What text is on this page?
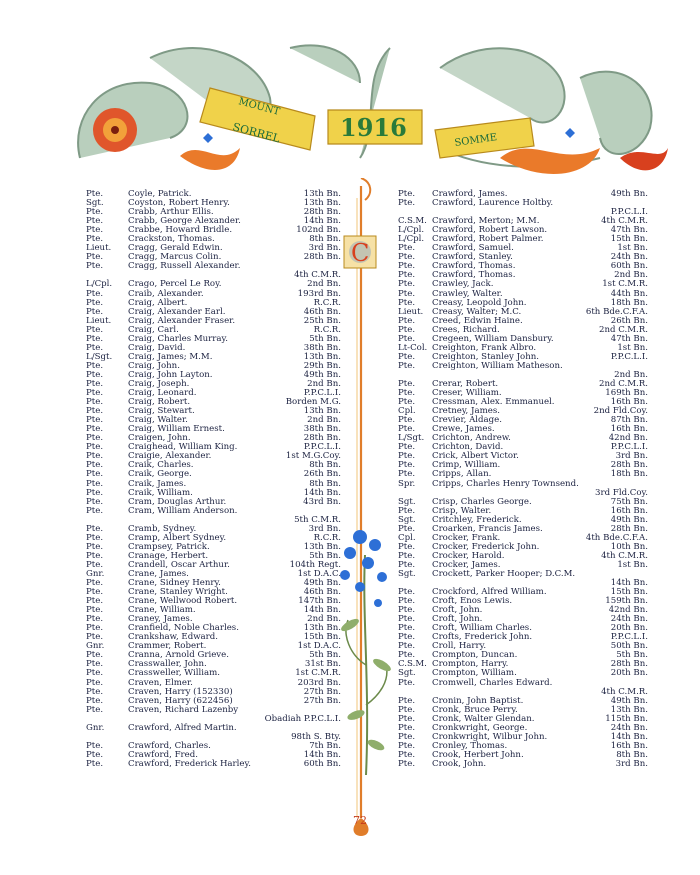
MOUNT
SORREL 1916	SOMME
C
Pte.	Coyle, Patrick.	13th Bn.
Sgt.	Coyston, Robert Henry.	13th Bn.
Pte.	Crabb, Arthur Ellis.	28th Bn.
Pte.	Crabb, George Alexander.	14th Bn.
Pte.	Crabbe, Howard Bridle.	102nd Bn.
Pte.	Crackston, Thomas.	8th Bn.
Lieut.	Cragg, Gerald Edwin.	3rd Bn.
Pte.	Cragg, Marcus Colin.	28th Bn.
Pte.	Cragg, Russell Alexander.
4th C.M.R.
L/Cpl.	Crago, Percel Le Roy.	2nd Bn.
Pte.	Craib, Alexander.	193rd Bn.
Pte.	Craig, Albert.	R.C.R.
Pte.	Craig, Alexander Earl.	46th Bn.
Lieut.	Craig, Alexander Fraser.	25th Bn.
Pte.	Craig, Carl.	R.C.R.
Pte.	Craig, Charles Murray.	5th Bn.
Pte.	Craig, David.	38th Bn.
L/Sgt.	Craig, James; M.M.	13th Bn.
Pte.	Craig, John.	29th Bn.
Pte.	Craig, John Layton.	49th Bn.
Pte.	Craig, Joseph.	2nd Bn.
Pte.	Craig, Leonard.	P.P.C.L.I.
Pte.	Craig, Robert.	Borden M.G.
Pte.	Craig, Stewart.	13th Bn.
Pte.	Craig, Walter.	2nd Bn.
Pte.	Craig, William Ernest.	38th Bn.
Pte.	Craigen, John.	28th Bn.
Pte.	Craighead, William King.	P.P.C.L.I.
Pte.	Craigie, Alexander.	1st M.G.Coy.
Pte.	Craik, Charles.	8th Bn.
Pte.	Craik, George.	26th Bn.
Pte.	Craik, James.	8th Bn.
Pte.	Craik, William.	14th Bn.
Pte.	Cram, Douglas Arthur.	43rd Bn.
Pte.	Cram, William Anderson.
5th C.M.R.
Pte.	Cramb, Sydney.	3rd Bn.
Pte.	Cramp, Albert Sydney.	R.C.R.
Pte.	Crampsey, Patrick.	13th Bn.
Pte.	Cranage, Herbert.	5th Bn.
Pte.	Crandell, Oscar Arthur.	104th Regt.
Gnr.	Crane, James.	1st D.A.C.
Pte.	Crane, Sidney Henry.	49th Bn.
Pte.	Crane, Stanley Wright.	46th Bn.
Pte.	Crane, Wellwood Robert.	147th Bn.
Pte.	Crane, William.	14th Bn.
Pte.	Craney, James.	2nd Bn.
Pte.	Cranfield, Noble Charles.	13th Bn.
Pte.	Crankshaw, Edward.	15th Bn.
Gnr.	Crammer, Robert.	1st D.A.C.
Pte.	Cranna, Arnold Grieve.	5th Bn.
Pte.	Crasswaller, John.	31st Bn.
Pte.	Crassweller, William.	1st C.M.R.
Pte.	Craven, Elmer.	203rd Bn.
Pte.	Craven, Harry (152330)	27th Bn.
Pte.	Craven, Harry (622456)	27th Bn.
Pte.	Craven, Richard Lazenby
Obadiah P.P.C.L.I.
Gnr.	Crawford, Alfred Martin.
98th S. Bty.
Pte.	Crawford, Charles.	7th Bn.
Pte.	Crawford, Fred.	14th Bn.
Pte.	Crawford, Frederick Harley.	60th Bn.
Pte.	Crawford, James.	49th Bn.
Pte.	Crawford, Laurence Holtby.
P.P.C.L.I.
C.S.M. Crawford, Merton; M.M.	4th C.M.R.
L/Cpl. Crawford, Robert Lawson.	47th Bn.
L/Cpl. Crawford, Robert Palmer.	15th Bn.
Pte.	Crawford, Samuel.	1st Bn.
Pte.	Crawford, Stanley.	24th Bn.
Pte.	Crawford, Thomas.	60th Bn.
Pte.	Crawford, Thomas.	2nd Bn.
Pte.	Crawley, Jack.	1st C.M.R.
Pte.	Crawley, Walter.	44th Bn.
Pte.	Creasy, Leopold John.	18th Bn.
Lieut.	Creasy, Walter; M.C.	6th Bde.C.F.A.
Pte.	Creed, Edwin Haine.	26th Bn.
Pte.	Crees, Richard.	2nd C.M.R.
Pte.	Cregeen, William Dansbury.	47th Bn.
Lt-Col. Creighton, Frank Albro.	1st Bn.
Pte.	Creighton, Stanley John.	P.P.C.L.I.
Pte.	Creighton, William Matheson.
2nd Bn.
Pte.	Crerar, Robert.	2nd C.M.R.
Pte.	Creser, William.	169th Bn.
Pte.	Cressman, Alex. Emmanuel.	16th Bn.
Cpl.	Cretney, James.	2nd Fld.Coy.
Pte.	Crevier, Aldage.	87th Bn.
Pte.	Crewe, James.	16th Bn.
L/Sgt. Crichton, Andrew.	42nd Bn.
Pte.	Crichton, David.	P.P.C.L.I.
Pte.	Crick, Albert Victor.	3rd Bn.
Pte.	Crimp, William.	28th Bn.
Pte.	Cripps, Allan.	18th Bn.
Spr.	Cripps, Charles Henry Townsend.
3rd Fld.Coy.
Sgt.	Crisp, Charles George.	75th Bn.
Pte.	Crisp, Walter.	16th Bn.
Sgt.	Critchley, Frederick.	49th Bn.
Pte.	Croarken, Francis James.	28th Bn.
Cpl.	Crocker, Frank.	4th Bde.C.F.A.
Pte.	Crocker, Frederick John.	10th Bn.
Pte.	Crocker, Harold.	4th C.M.R.
Pte.	Crocker, James.	1st Bn.
Sgt.	Crockett, Parker Hooper; D.C.M.
14th Bn.
Pte.	Crockford, Alfred William.	15th Bn.
Pte.	Croft, Enos Lewis.	159th Bn.
Pte.	Croft, John.	42nd Bn.
Pte.	Croft, John.	24th Bn.
Pte.	Croft, William Charles.	20th Bn.
Pte.	Crofts, Frederick John.	P.P.C.L.I.
Pte.	Croll, Harry.	50th Bn.
Pte.	Crompton, Duncan.	5th Bn.
C.S.M. Crompton, Harry.	28th Bn.
Sgt.	Crompton, William.	20th Bn.
Pte.	Cromwell, Charles Edward.
4th C.M.R.
Pte.	Cronin, John Baptist.	49th Bn.
Pte.	Cronk, Bruce Perry.	13th Bn.
Pte.	Cronk, Walter Glendan.	115th Bn.
Pte.	Cronkwright, George.	24th Bn.
Pte.	Cronkwright, Wilbur John.	14th Bn.
Pte.	Cronley, Thomas.	16th Bn.
Pte.	Crook, Herbert John.	8th Bn.
Pte.	Crook, John.	3rd Bn.
72
